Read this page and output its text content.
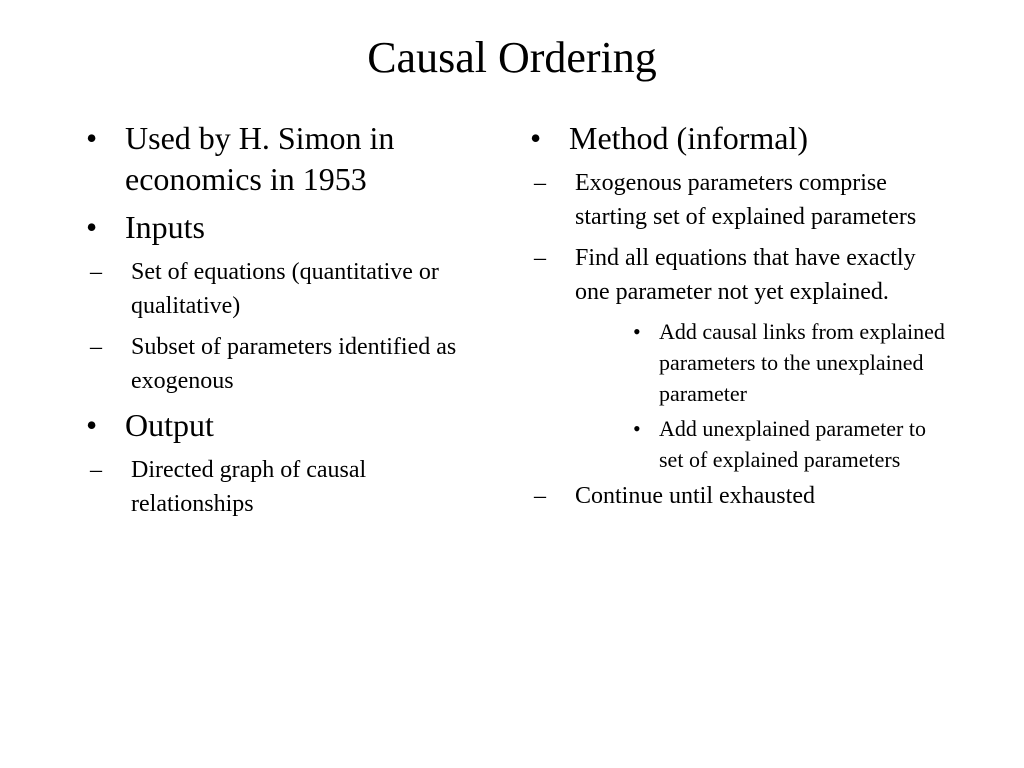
Causal Ordering
• Used by H. Simon in economics in 1953
• Inputs
– Set of equations (quantitative or qualitative)
– Subset of parameters identified as exogenous
• Output
– Directed graph of causal relationships
• Method (informal)
– Exogenous parameters comprise starting set of explained parameters
– Find all equations that have exactly one parameter not yet explained.
• Add causal links from explained parameters to the unexplained parameter
• Add unexplained parameter to set of explained parameters
– Continue until exhausted
